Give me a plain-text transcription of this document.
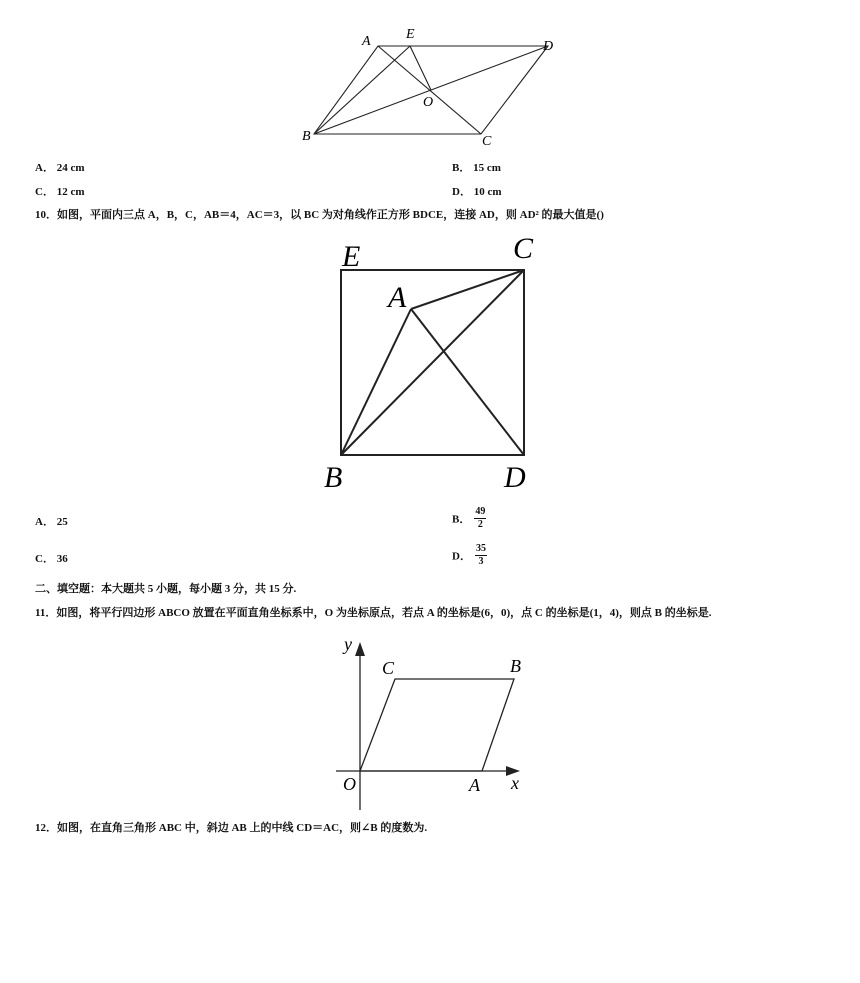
A	E
D
O
B	C
A． 24 cm	B． 15 cm
C． 12 cm	D． 10 cm
10．如图，平面内三点 A，B，C，AB＝4，AC＝3，以 BC 为对角线作正方形 BDCE，连接 AD，则 AD² 的最大值是()
E	C
A
B	D
A． 25	B． $\frac{49}{2}$
C． 36	D． $\frac{35}{3}$
二、填空题：本大题共 5 小题，每小题 3 分，共 15 分.
11．如图，将平行四边形 ABCO 放置在平面直角坐标系中，O 为坐标原点，若点 A 的坐标是(6，0)，点 C 的坐标是(1，4)，则点 B 的坐标是.
y
x
C	B
O	A
12．如图，在直角三角形 ABC 中，斜边 AB 上的中线 CD＝AC，则∠B 的度数为.
